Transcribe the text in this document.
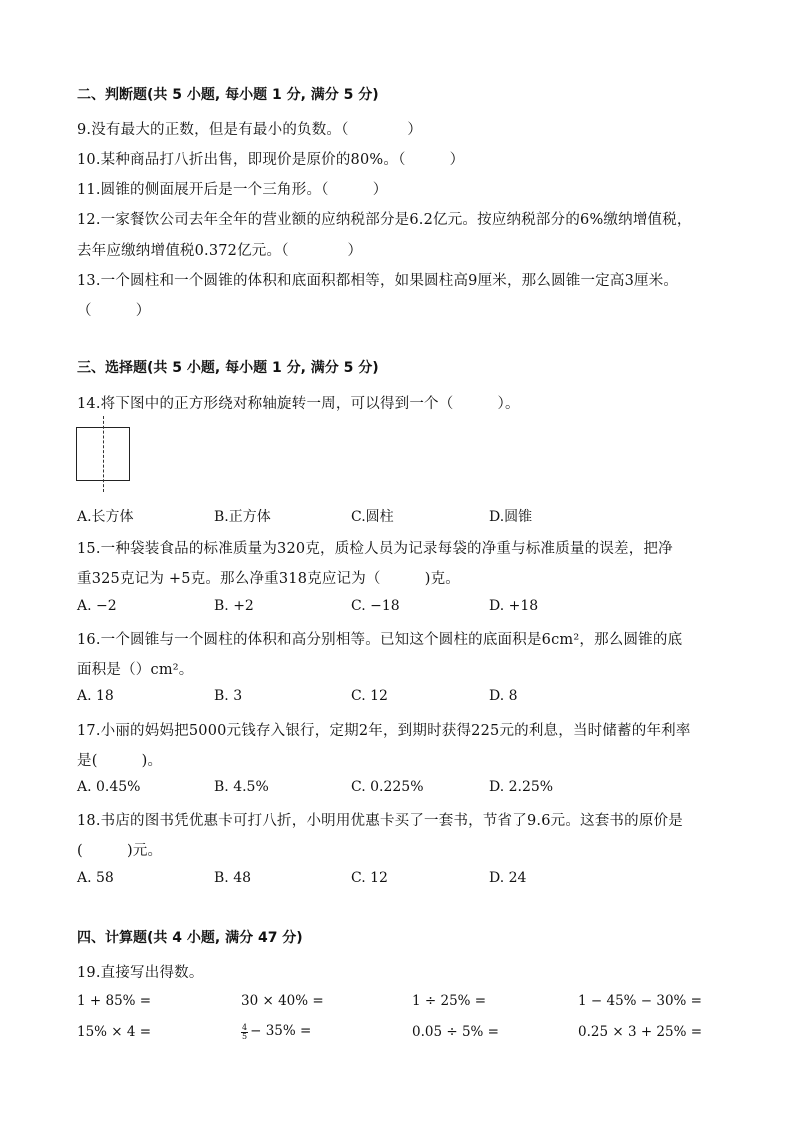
二、判断题(共 5 小题, 每小题 1 分, 满分 5 分)
9.没有最大的正数，但是有最小的负数。（　　　　）
10.某种商品打八折出售，即现价是原价的80%。（　　　）
11.圆锥的侧面展开后是一个三角形。（　　　）
12.一家餐饮公司去年全年的营业额的应纳税部分是6.2亿元。按应纳税部分的6%缴纳增值税，
去年应缴纳增值税0.372亿元。（　　　　）
13.一个圆柱和一个圆锥的体积和底面积都相等，如果圆柱高9厘米，那么圆锥一定高3厘米。
（　　　）
三、选择题(共 5 小题, 每小题 1 分, 满分 5 分)
14.将下图中的正方形绕对称轴旋转一周，可以得到一个（　　　）。
A.长方体	B.正方体	C.圆柱	D.圆锥
15.一种袋装食品的标准质量为320克，质检人员为记录每袋的净重与标准质量的误差，把净
重325克记为 +5克。那么净重318克应记为（　　　)克。
A. −2	B. +2	C. −18	D. +18
16.一个圆锥与一个圆柱的体积和高分别相等。已知这个圆柱的底面积是6cm²，那么圆锥的底
面积是（）cm²。
A. 18	B. 3	C. 12	D. 8
17.小丽的妈妈把5000元钱存入银行，定期2年，到期时获得225元的利息，当时储蓄的年利率
是(　　　)。
A. 0.45%	B. 4.5%	C. 0.225%	D. 2.25%
18.书店的图书凭优惠卡可打八折，小明用优惠卡买了一套书，节省了9.6元。这套书的原价是
(　　　)元。
A. 58	B. 48	C. 12	D. 24
四、计算题(共 4 小题, 满分 47 分)
19.直接写出得数。
1 + 85% =	30 × 40% =	1 ÷ 25% =	1 − 45% − 30% =
15% × 4 =	$\frac{4}{5} - 35\%$ =	0.05 ÷ 5% =	0.25 × 3 + 25% =
